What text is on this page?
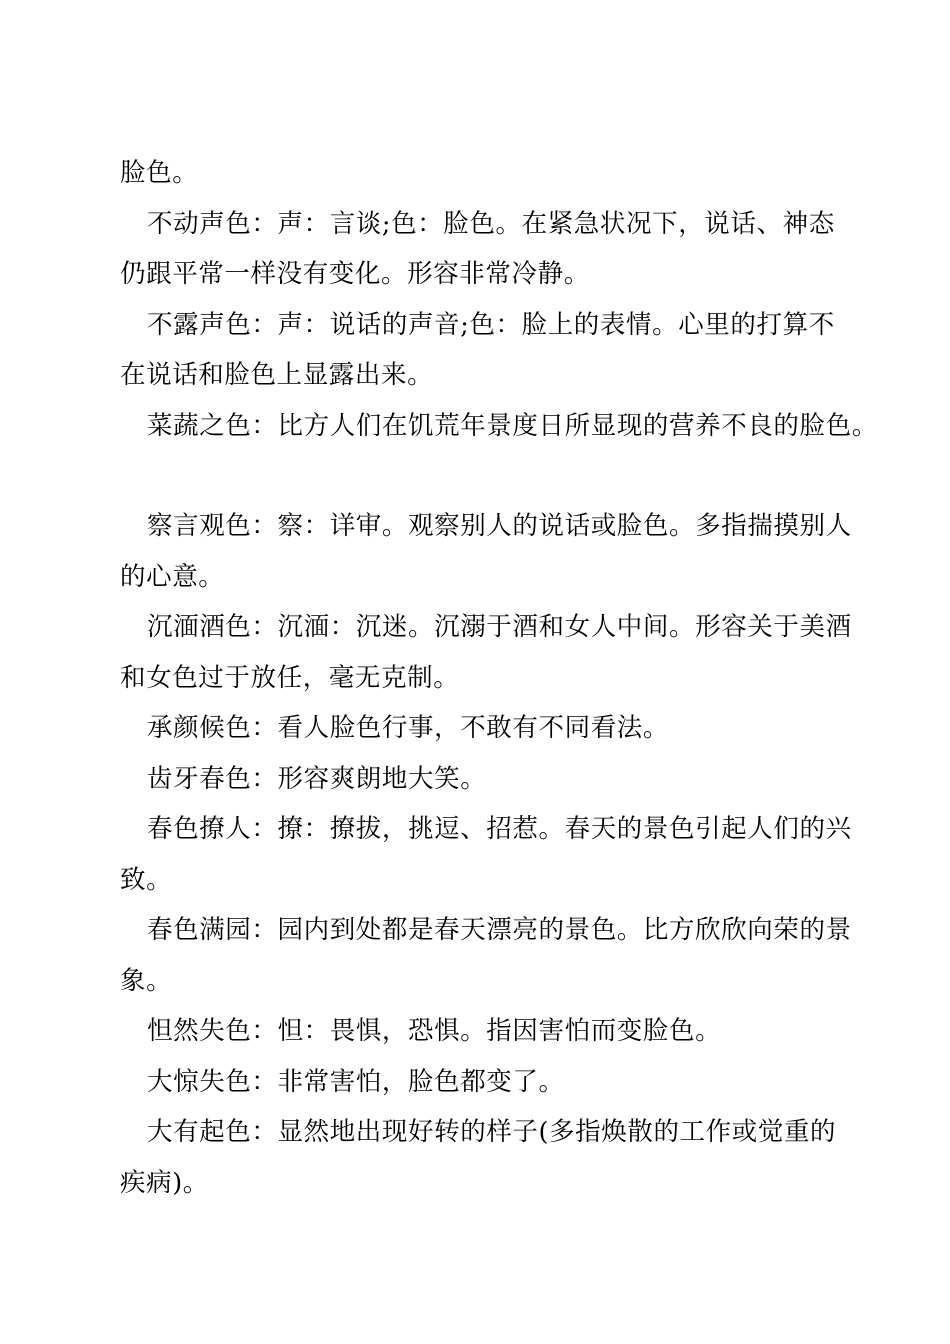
脸色。
不动声色：声：言谈;色：脸色。在紧急状况下，说话、神态
仍跟平常一样没有变化。形容非常冷静。
不露声色：声：说话的声音;色：脸上的表情。心里的打算不
在说话和脸色上显露出来。
菜蔬之色：比方人们在饥荒年景度日所显现的营养不良的脸色。
察言观色：察：详审。观察别人的说话或脸色。多指揣摸别人
的心意。
沉湎酒色：沉湎：沉迷。沉溺于酒和女人中间。形容关于美酒
和女色过于放任，毫无克制。
承颜候色：看人脸色行事，不敢有不同看法。
齿牙春色：形容爽朗地大笑。
春色撩人：撩：撩拔，挑逗、招惹。春天的景色引起人们的兴
致。
春色满园：园内到处都是春天漂亮的景色。比方欣欣向荣的景
象。
怛然失色：怛：畏惧，恐惧。指因害怕而变脸色。
大惊失色：非常害怕，脸色都变了。
大有起色：显然地出现好转的样子(多指焕散的工作或觉重的
疾病)。
